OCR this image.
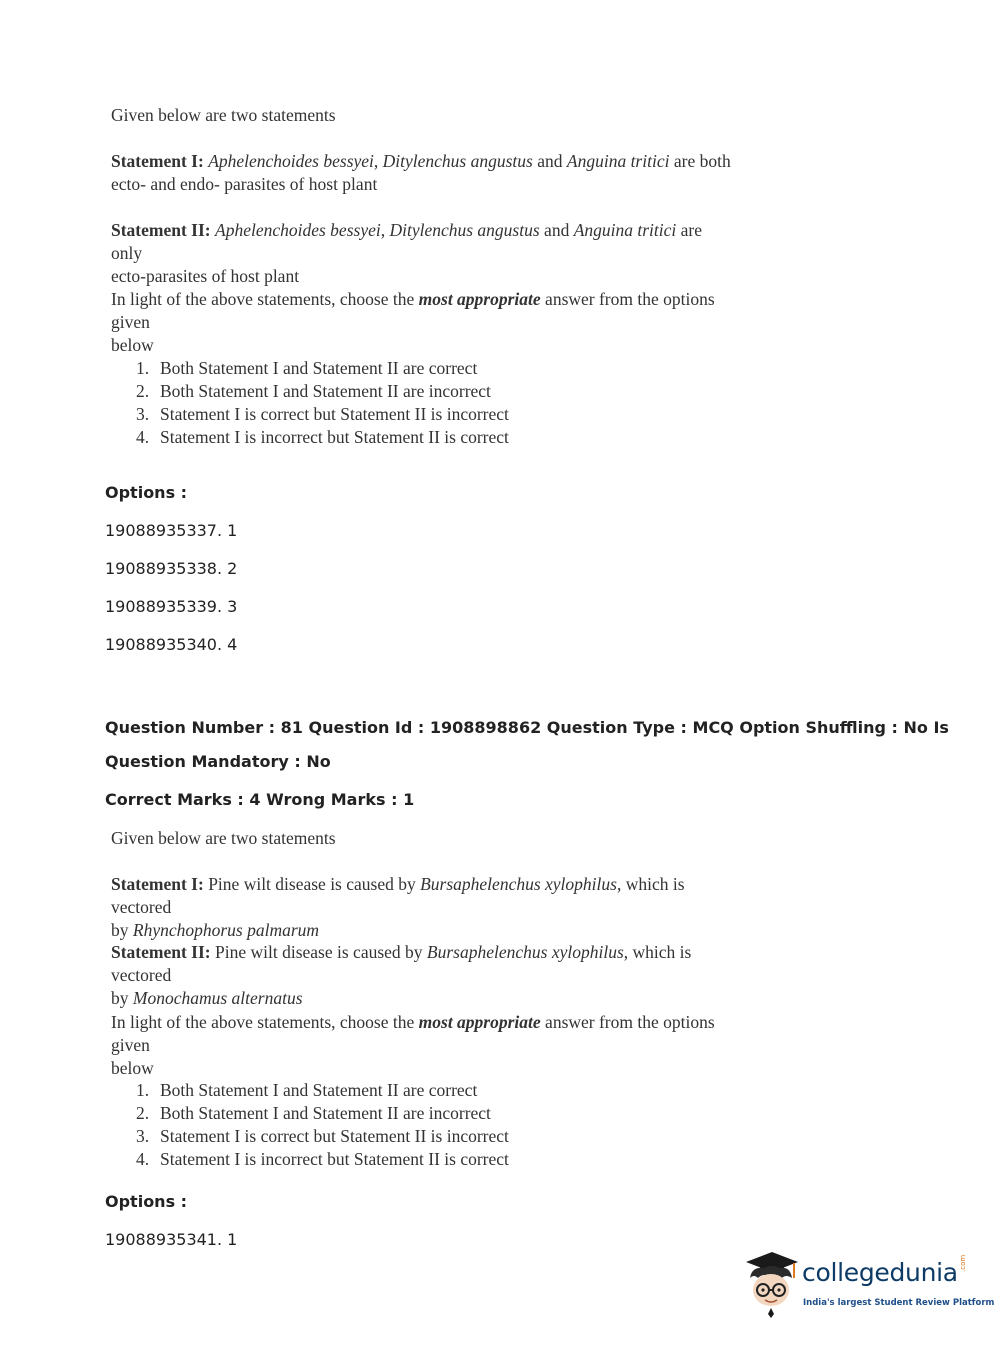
Given below are two statements

Statement I: Aphelenchoides bessyei, Ditylenchus angustus and Anguina tritici are both

ecto- and endo- parasites of host plant

Statement II: Aphelenchoides bessyei, Ditylenchus angustus and Anguina tritici are only

ecto-parasites of host plant

In light of the above statements, choose the most appropriate answer from the options given

below

1. Both Statement I and Statement II are correct
2. Both Statement I and Statement II are incorrect
3. Statement I is correct but Statement II is incorrect
4. Statement I is incorrect but Statement II is correct
Options :
19088935337. 1
19088935338. 2
19088935339. 3
19088935340. 4
Question Number : 81 Question Id : 1908898862 Question Type : MCQ Option Shuffling : No Is
Question Mandatory : No
Correct Marks : 4 Wrong Marks : 1

Given below are two statements

Statement I: Pine wilt disease is caused by Bursaphelenchus xylophilus, which is vectored

by Rhynchophorus palmarum

Statement II: Pine wilt disease is caused by Bursaphelenchus xylophilus, which is vectored

by Monochamus alternatus

In light of the above statements, choose the most appropriate answer from the options given

below

1. Both Statement I and Statement II are correct
2. Both Statement I and Statement II are incorrect
3. Statement I is correct but Statement II is incorrect
4. Statement I is incorrect but Statement II is correct
Options :
19088935341. 1
collegedunia .com
India's largest Student Review Platform
